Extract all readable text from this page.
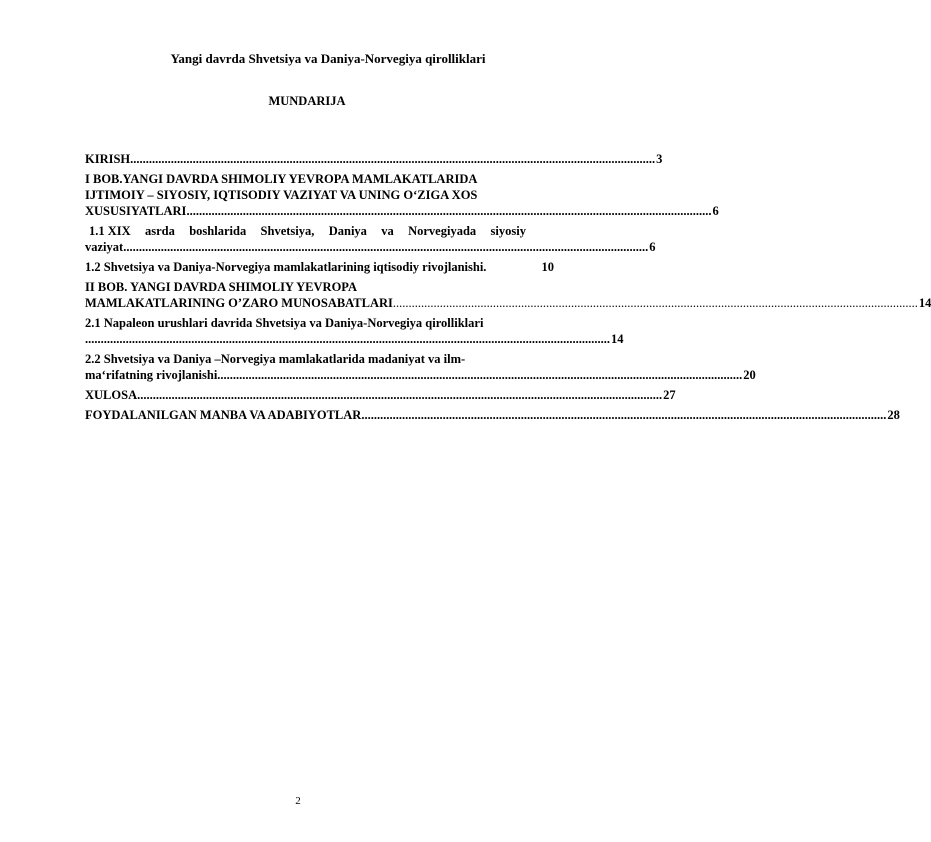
Yangi davrda Shvetsiya va Daniya-Norvegiya qirolliklari
MUNDARIJA
KIRISH ........................................................................................................................................................................ 3
I BOB.YANGI DAVRDA SHIMOLIY YEVROPA MAMLAKATLARIDA
IJTIMOIY – SIYOSIY, IQTISODIY VAZIYAT VA UNING O‘ZIGA XOS
XUSUSIYATLARI ........................................................................................................................................................................ 6
1.1 XIX asrda boshlarida Shvetsiya, Daniya va Norvegiyada siyosiy
vaziyat ........................................................................................................................................................................ 6
1.2 Shvetsiya va Daniya-Norvegiya mamlakatlarining iqtisodiy rivojlanishi.	10
II BOB. YANGI DAVRDA SHIMOLIY YEVROPA
MAMLAKATLARINING O’ZARO MUNOSABATLARI ........................................................................................................................................................................ 14
2.1 Napaleon urushlari davrida Shvetsiya va Daniya-Norvegiya qirolliklari
........................................................................................................................................................................ 14
2.2 Shvetsiya va Daniya –Norvegiya mamlakatlarida madaniyat va ilm-
ma‘rifatning rivojlanishi ........................................................................................................................................................................ 20
XULOSA ........................................................................................................................................................................ 27
FOYDALANILGAN MANBA VA ADABIYOTLAR ........................................................................................................................................................................ 28
2
